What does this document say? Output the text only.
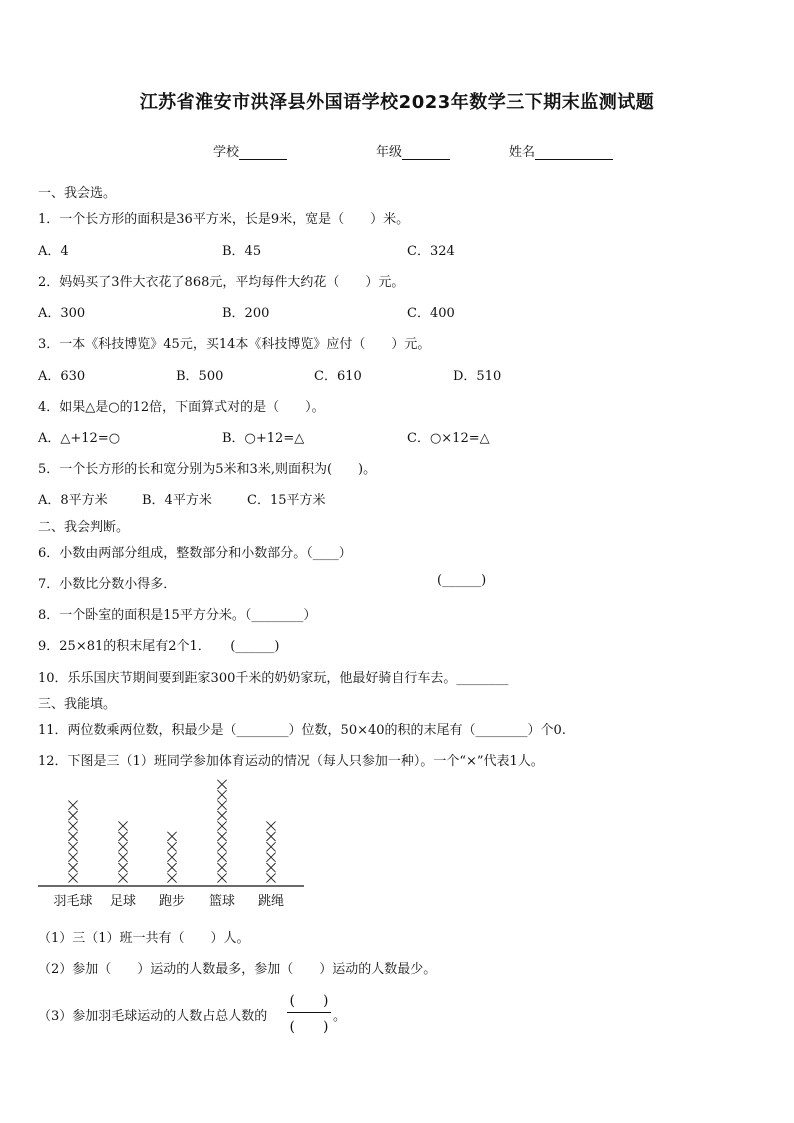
江苏省淮安市洪泽县外国语学校2023年数学三下期末监测试题
学校	年级	姓名
一、我会选。
1．一个长方形的面积是36平方米，长是9米，宽是（　　）米。
A．4	B．45	C．324
2．妈妈买了3件大衣花了868元，平均每件大约花（　　）元。
A．300	B．200	C．400
3．一本《科技博览》45元，买14本《科技博览》应付（　　）元。
A．630	B．500	C．610	D．510
4．如果△是○的12倍，下面算式对的是（　　）。
A．△+12=○	B．○+12=△	C．○×12=△
5．一个长方形的长和宽分别为5米和3米,则面积为(　　)。
A．8平方米	B．4平方米	C．15平方米
二、我会判断。
6．小数由两部分组成，整数部分和小数部分。（____）
7．小数比分数小得多．	(______)
8．一个卧室的面积是15平方分米。（________）
9．25×81的积末尾有2个1．　　(______)
10．乐乐国庆节期间要到距家300千米的奶奶家玩，他最好骑自行车去。________
三、我能填。
11．两位数乘两位数，积最少是（________）位数，50×40的积的末尾有（________）个0.
12．下图是三（1）班同学参加体育运动的情况（每人只参加一种）。一个“×”代表1人。
羽毛球 足球 跑步 篮球 跳绳
（1）三（1）班一共有（　　）人。
（2）参加（　　）运动的人数最多，参加（　　）运动的人数最少。
（3）参加羽毛球运动的人数占总人数的
(　　)
(　　)
。
